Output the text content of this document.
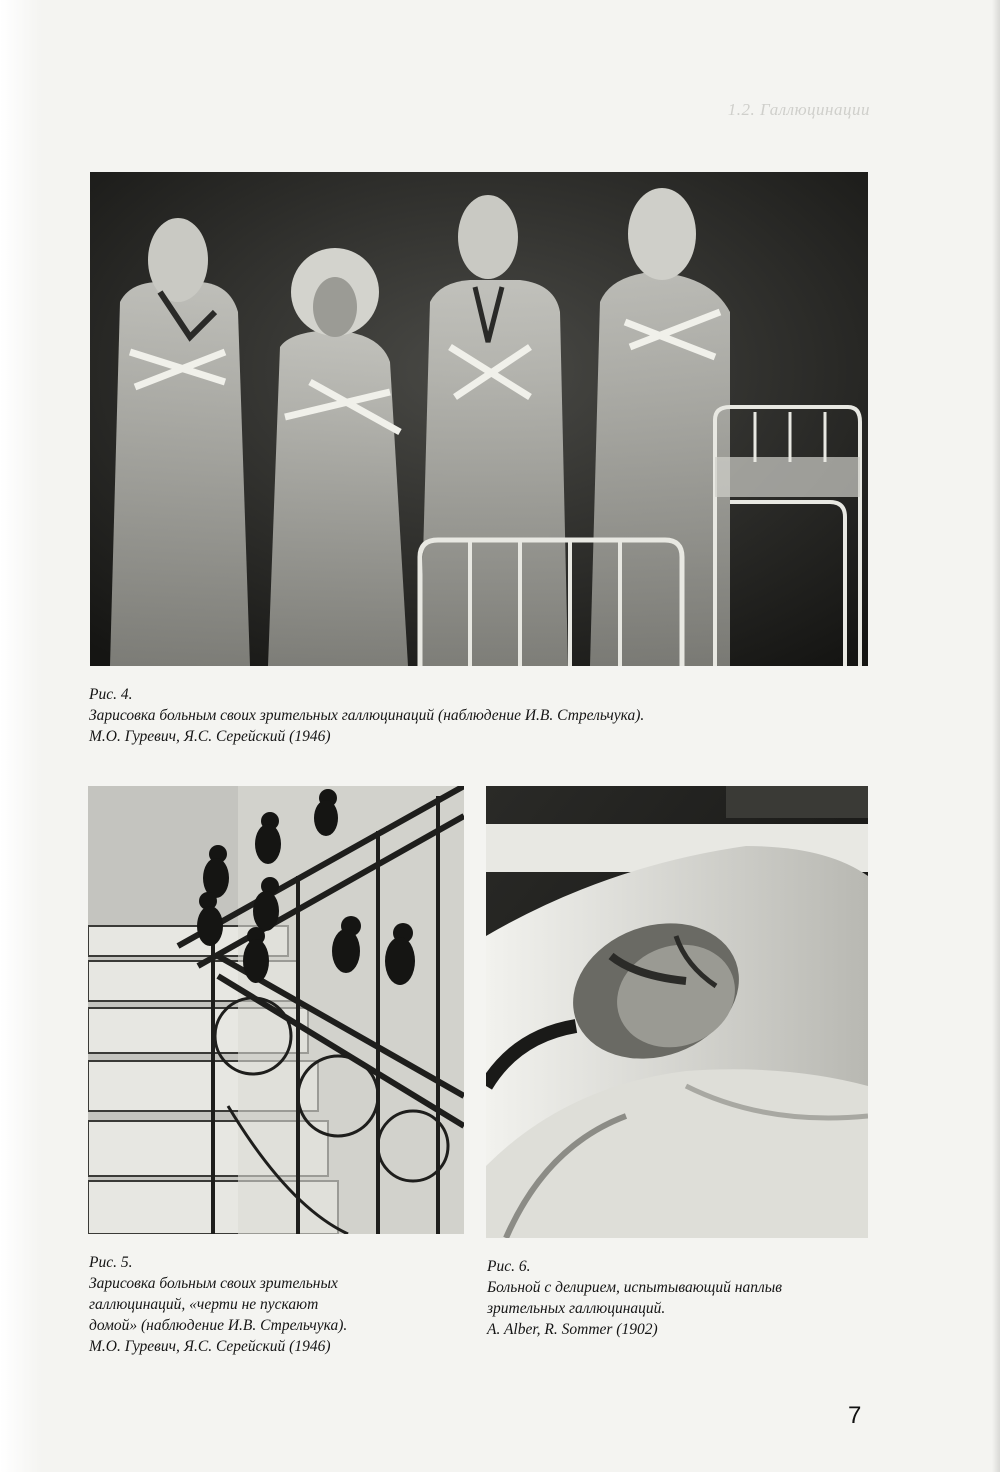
1.2. Галлюцинации
Рис. 4.
Зарисовка больным своих зрительных галлюцинаций (наблюдение И.В. Стрельчука).
М.О. Гуревич, Я.С. Серейский (1946)
Рис. 5.
Зарисовка больным своих зрительных
галлюцинаций, «черти не пускают
домой» (наблюдение И.В. Стрельчука).
М.О. Гуревич, Я.С. Серейский (1946)
Рис. 6.
Больной с делирием, испытывающий наплыв
зрительных галлюцинаций.
A. Alber, R. Sommer (1902)
7
